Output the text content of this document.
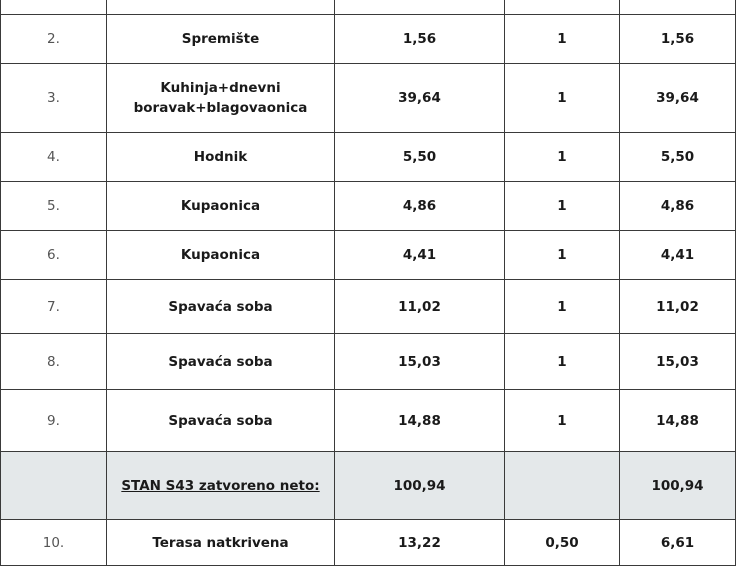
2.	Spremište	1,56	1	1,56
3.	Kuhinja+dnevni boravak+blagovaonica	39,64	1	39,64
4.	Hodnik	5,50	1	5,50
5.	Kupaonica	4,86	1	4,86
6.	Kupaonica	4,41	1	4,41
7.	Spavaća soba	11,02	1	11,02
8.	Spavaća soba	15,03	1	15,03
9.	Spavaća soba	14,88	1	14,88
	STAN S43 zatvoreno neto:	100,94		100,94
10.	Terasa natkrivena	13,22	0,50	6,61
